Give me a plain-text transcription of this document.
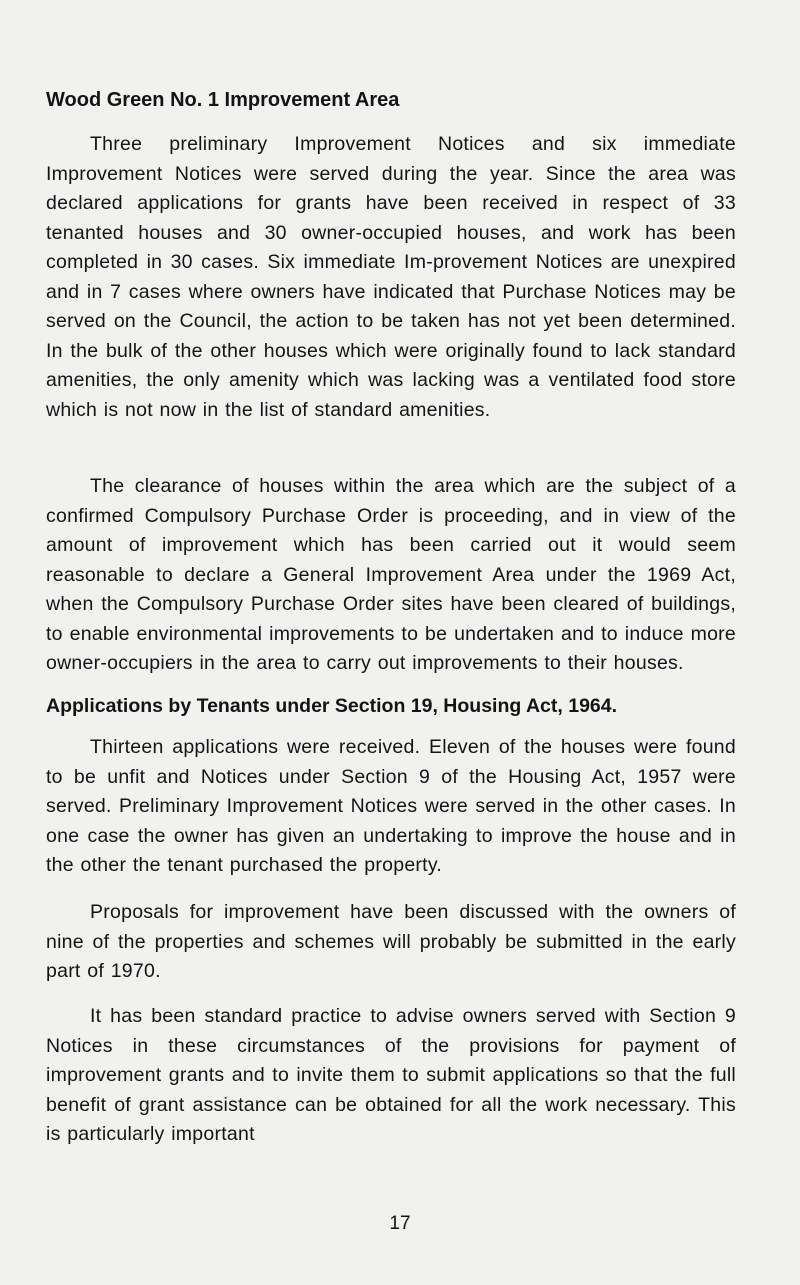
Wood Green No. 1 Improvement Area

Three preliminary Improvement Notices and six immediate Improvement Notices were served during the year. Since the area was declared applications for grants have been received in respect of 33 tenanted houses and 30 owner-occupied houses, and work has been completed in 30 cases. Six immediate Im-provement Notices are unexpired and in 7 cases where owners have indicated that Purchase Notices may be served on the Council, the action to be taken has not yet been determined. In the bulk of the other houses which were originally found to lack standard amenities, the only amenity which was lacking was a ventilated food store which is not now in the list of standard amenities.

The clearance of houses within the area which are the subject of a confirmed Compulsory Purchase Order is proceeding, and in view of the amount of improvement which has been carried out it would seem reasonable to declare a General Improvement Area under the 1969 Act, when the Compulsory Purchase Order sites have been cleared of buildings, to enable environmental improvements to be undertaken and to induce more owner-occupiers in the area to carry out improvements to their houses.

Applications by Tenants under Section 19, Housing Act, 1964.

Thirteen applications were received. Eleven of the houses were found to be unfit and Notices under Section 9 of the Housing Act, 1957 were served. Preliminary Improvement Notices were served in the other cases. In one case the owner has given an undertaking to improve the house and in the other the tenant purchased the property.

Proposals for improvement have been discussed with the owners of nine of the properties and schemes will probably be submitted in the early part of 1970.

It has been standard practice to advise owners served with Section 9 Notices in these circumstances of the provisions for payment of improvement grants and to invite them to submit applications so that the full benefit of grant assistance can be obtained for all the work necessary. This is particularly important

17
